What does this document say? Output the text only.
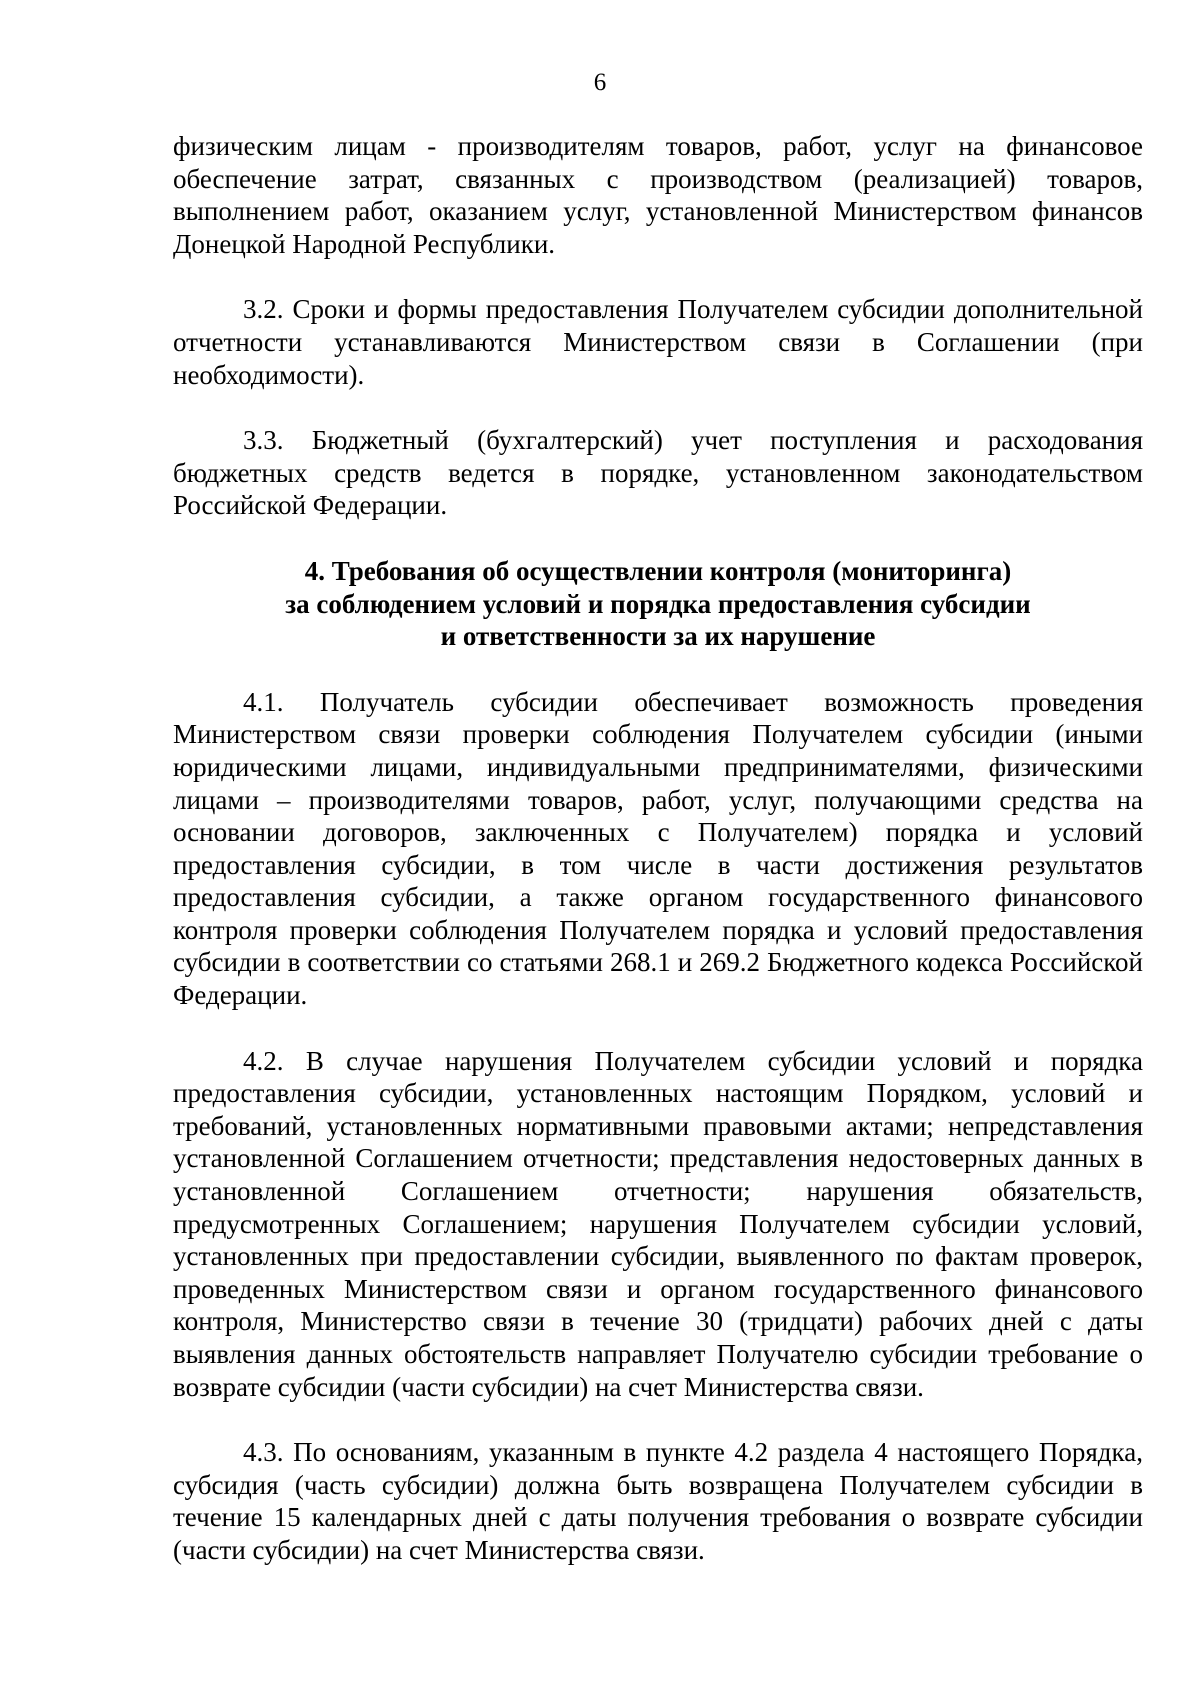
6

физическим лицам - производителям товаров, работ, услуг на финансовое обеспечение затрат, связанных с производством (реализацией) товаров, выполнением работ, оказанием услуг, установленной Министерством финансов Донецкой Народной Республики.

3.2. Сроки и формы предоставления Получателем субсидии дополнительной отчетности устанавливаются Министерством связи в Соглашении (при необходимости).

3.3. Бюджетный (бухгалтерский) учет поступления и расходования бюджетных средств ведется в порядке, установленном законодательством Российской Федерации.

4. Требования об осуществлении контроля (мониторинга)
за соблюдением условий и порядка предоставления субсидии
и ответственности за их нарушение

4.1. Получатель субсидии обеспечивает возможность проведения Министерством связи проверки соблюдения Получателем субсидии (иными юридическими лицами, индивидуальными предпринимателями, физическими лицами – производителями товаров, работ, услуг, получающими средства на основании договоров, заключенных с Получателем) порядка и условий предоставления субсидии, в том числе в части достижения результатов предоставления субсидии, а также органом государственного финансового контроля проверки соблюдения Получателем порядка и условий предоставления субсидии в соответствии со статьями 268.1 и 269.2 Бюджетного кодекса Российской Федерации.

4.2. В случае нарушения Получателем субсидии условий и порядка предоставления субсидии, установленных настоящим Порядком, условий и требований, установленных нормативными правовыми актами; непредставления установленной Соглашением отчетности; представления недостоверных данных в установленной Соглашением отчетности; нарушения обязательств, предусмотренных Соглашением; нарушения Получателем субсидии условий, установленных при предоставлении субсидии, выявленного по фактам проверок, проведенных Министерством связи и органом государственного финансового контроля, Министерство связи в течение 30 (тридцати) рабочих дней с даты выявления данных обстоятельств направляет Получателю субсидии требование о возврате субсидии (части субсидии) на счет Министерства связи.

4.3. По основаниям, указанным в пункте 4.2 раздела 4 настоящего Порядка, субсидия (часть субсидии) должна быть возвращена Получателем субсидии в течение 15 календарных дней с даты получения требования о возврате субсидии (части субсидии) на счет Министерства связи.
